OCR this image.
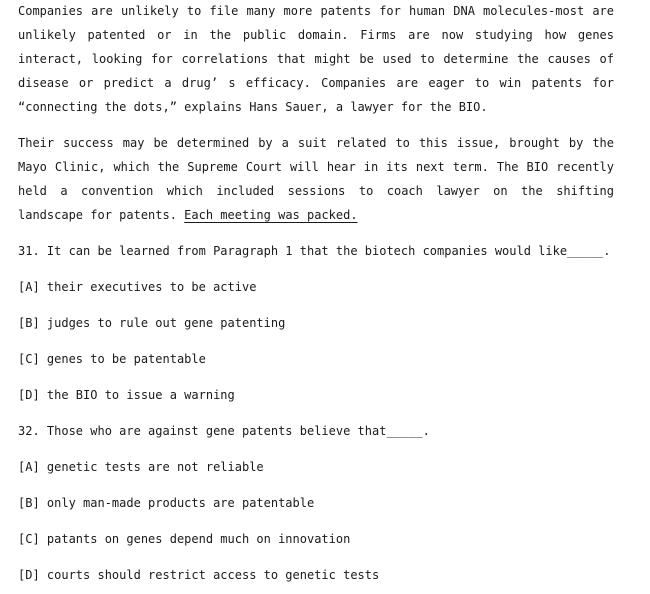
Companies are unlikely to file many more patents for human DNA molecules-most are unlikely patented or in the public domain. Firms are now studying how genes interact, looking for correlations that might be used to determine the causes of disease or predict a drug’ s efficacy. Companies are eager to win patents for “connecting the dots,” explains Hans Sauer, a lawyer for the BIO.

Their success may be determined by a suit related to this issue, brought by the Mayo Clinic, which the Supreme Court will hear in its next term. The BIO recently held a convention which included sessions to coach lawyer on the shifting landscape for patents. Each meeting was packed.

31. It can be learned from Paragraph 1 that the biotech companies would like_____.

[A] their executives to be active

[B] judges to rule out gene patenting

[C] genes to be patentable

[D] the BIO to issue a warning

32. Those who are against gene patents believe that_____.

[A] genetic tests are not reliable

[B] only man-made products are patentable

[C] patants on genes depend much on innovation

[D] courts should restrict access to genetic tests
